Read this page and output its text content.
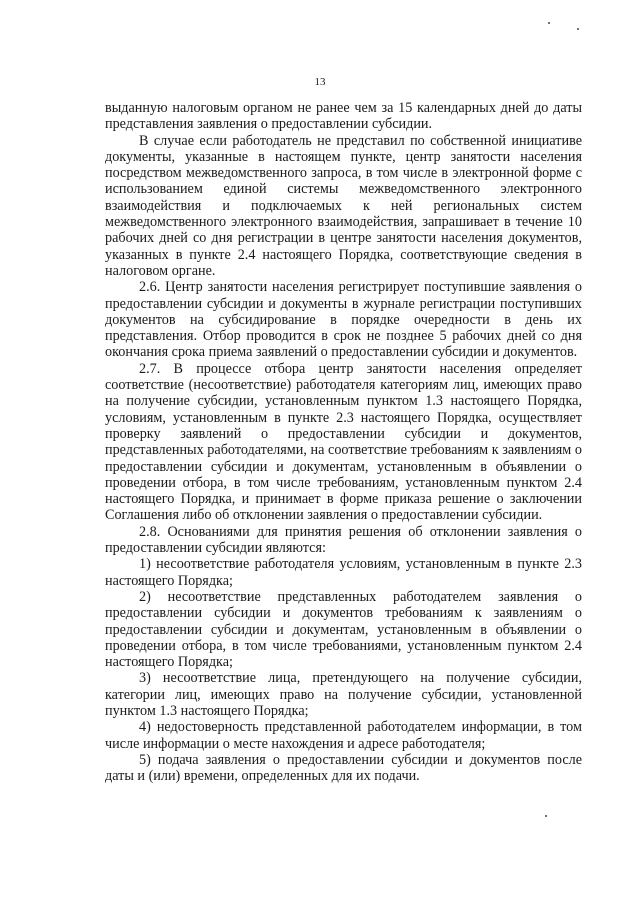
13

выданную налоговым органом не ранее чем за 15 календарных дней до даты представления заявления о предоставлении субсидии.

В случае если работодатель не представил по собственной инициативе документы, указанные в настоящем пункте, центр занятости населения посредством межведомственного запроса, в том числе в электронной форме с использованием единой системы межведомственного электронного взаимодействия и подключаемых к ней региональных систем межведомственного электронного взаимодействия, запрашивает в течение 10 рабочих дней со дня регистрации в центре занятости населения документов, указанных в пункте 2.4 настоящего Порядка, соответствующие сведения в налоговом органе.

2.6. Центр занятости населения регистрирует поступившие заявления о предоставлении субсидии и документы в журнале регистрации поступивших документов на субсидирование в порядке очередности в день их представления. Отбор проводится в срок не позднее 5 рабочих дней со дня окончания срока приема заявлений о предоставлении субсидии и документов.

2.7. В процессе отбора центр занятости населения определяет соответствие (несоответствие) работодателя категориям лиц, имеющих право на получение субсидии, установленным пунктом 1.3 настоящего Порядка, условиям, установленным в пункте 2.3 настоящего Порядка, осуществляет проверку заявлений о предоставлении субсидии и документов, представленных работодателями, на соответствие требованиям к заявлениям о предоставлении субсидии и документам, установленным в объявлении о проведении отбора, в том числе требованиям, установленным пунктом 2.4 настоящего Порядка, и принимает в форме приказа решение о заключении Соглашения либо об отклонении заявления о предоставлении субсидии.

2.8. Основаниями для принятия решения об отклонении заявления о предоставлении субсидии являются:

1) несоответствие работодателя условиям, установленным в пункте 2.3 настоящего Порядка;

2) несоответствие представленных работодателем заявления о предоставлении субсидии и документов требованиям к заявлениям о предоставлении субсидии и документам, установленным в объявлении о проведении отбора, в том числе требованиями, установленным пунктом 2.4 настоящего Порядка;

3) несоответствие лица, претендующего на получение субсидии, категории лиц, имеющих право на получение субсидии, установленной пунктом 1.3 настоящего Порядка;

4) недостоверность представленной работодателем информации, в том числе информации о месте нахождения и адресе работодателя;

5) подача заявления о предоставлении субсидии и документов после даты и (или) времени, определенных для их подачи.
